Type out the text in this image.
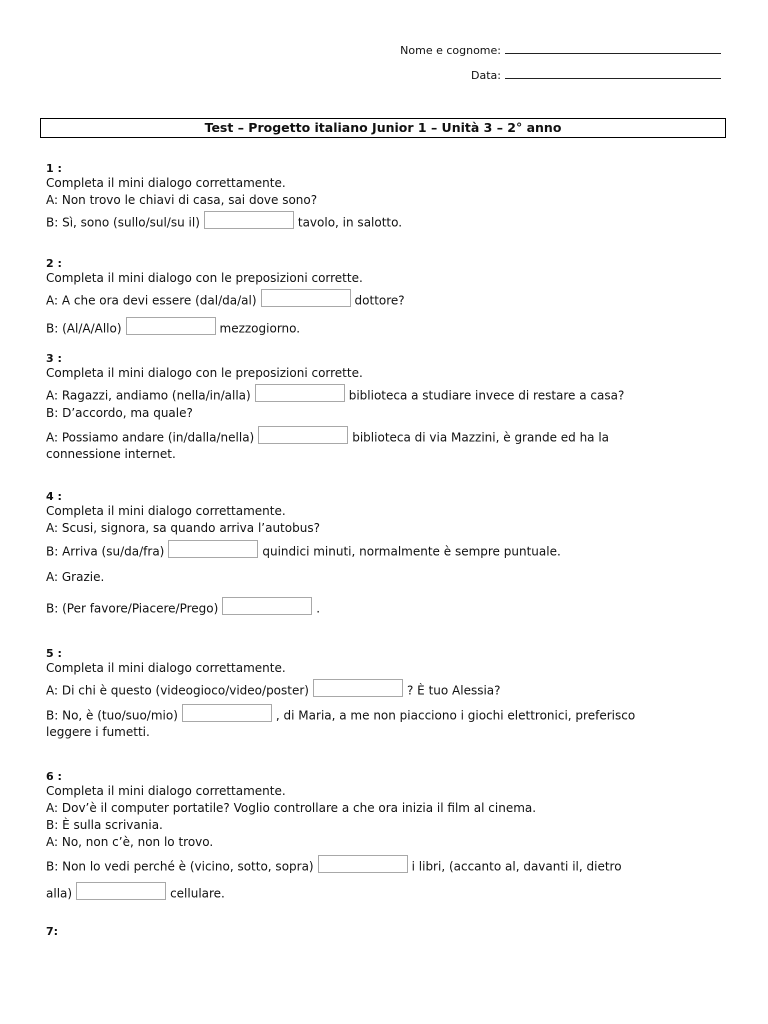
Nome e cognome:
Data:
Test – Progetto italiano Junior 1 – Unità 3 – 2° anno
1 :
Completa il mini dialogo correttamente.
A: Non trovo le chiavi di casa, sai dove sono?
B: Sì, sono (sullo/sul/su il)	tavolo, in salotto.
2 :
Completa il mini dialogo con le preposizioni corrette.
A: A che ora devi essere (dal/da/al)	dottore?
B: (Al/A/Allo)	mezzogiorno.
3 :
Completa il mini dialogo con le preposizioni corrette.
A: Ragazzi, andiamo (nella/in/alla)	biblioteca a studiare invece di restare a casa?
B: D’accordo, ma quale?
A: Possiamo andare (in/dalla/nella)	biblioteca di via Mazzini, è grande ed ha la
connessione internet.
4 :
Completa il mini dialogo correttamente.
A: Scusi, signora, sa quando arriva l’autobus?
B: Arriva (su/da/fra)	quindici minuti, normalmente è sempre puntuale.
A: Grazie.
B: (Per favore/Piacere/Prego)	.
5 :
Completa il mini dialogo correttamente.
A: Di chi è questo (videogioco/video/poster)	? È tuo Alessia?
B: No, è (tuo/suo/mio)	, di Maria, a me non piacciono i giochi elettronici, preferisco
leggere i fumetti.
6 :
Completa il mini dialogo correttamente.
A: Dov’è il computer portatile? Voglio controllare a che ora inizia il film al cinema.
B: È sulla scrivania.
A: No, non c’è, non lo trovo.
B: Non lo vedi perché è (vicino, sotto, sopra)	i libri, (accanto al, davanti il, dietro
alla)	cellulare.
7:
